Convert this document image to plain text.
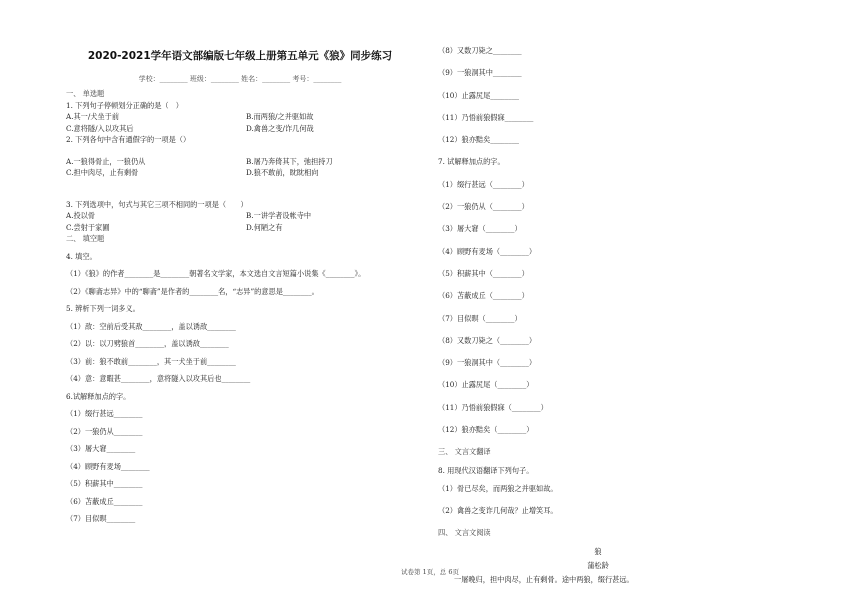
2020-2021学年语文部编版七年级上册第五单元《狼》同步练习
学校：________ 班级：________ 姓名：________ 考号：________
一、 单选题
1. 下列句子停顿划分正确的是（　）
A.其一/犬坐于前	B.而两狼/之并驱如故
C.意将隧/入以攻其后	D.禽兽之变/诈几何哉
2. 下列各句中含有通假字的一项是（）
A.一狼得骨止，一狼仍从	B.屠乃奔倚其下，弛担持刀
C.担中肉尽，止有剩骨	D.狼不敢前，眈眈相向
3. 下列选项中，句式与其它三项不相同的一项是（　　）
A.投以骨	B.一讲学者设帐寺中
C.尝射于家圃	D.何陋之有
二、 填空题
4. 填空。
（1）《狼》的作者________是________朝著名文学家，本文选自文言短篇小说集《________》。
（2）《聊斋志异》中的“聊斋”是作者的________名，“志异”的意思是________。
5. 辨析下列一词多义。
（1）敌：空前后受其敌________，盖以诱敌________
（2）以：以刀劈狼首________，盖以诱敌________
（3）前：狼不敢前________，其一犬坐于前________
（4）意：意暇甚________，意将隧入以攻其后也________
6.试解释加点的字。
（1）缀行甚远________
（2）一狼仍从________
（3）屠大窘________
（4）顾野有麦场________
（5）积薪其中________
（6）苫蔽成丘________
（7）目似暝________
（8）又数刀毙之________
（9）一狼洞其中________
（10）止露尻尾________
（11）乃悟前狼假寐________
（12）狼亦黠矣________
7. 试解释加点的字。
（1）缀行甚远（________）
（2）一狼仍从（________）
（3）屠大窘（________）
（4）顾野有麦场（________）
（5）积薪其中（________）
（6）苫蔽成丘（________）
（7）目似暝（________）
（8）又数刀毙之（________）
（9）一狼洞其中（________）
（10）止露尻尾（________）
（11）乃悟前狼假寐（________）
（12）狼亦黠矣（________）
三、 文言文翻译
8. 用现代汉语翻译下列句子。
（1）骨已尽矣，而两狼之并驱如故。
（2）禽兽之变诈几何哉？止增笑耳。
四、 文言文阅读
狼
蒲松龄
一屠晚归，担中肉尽，止有剩骨。途中两狼，缀行甚远。
试卷第 1页，总 6页
